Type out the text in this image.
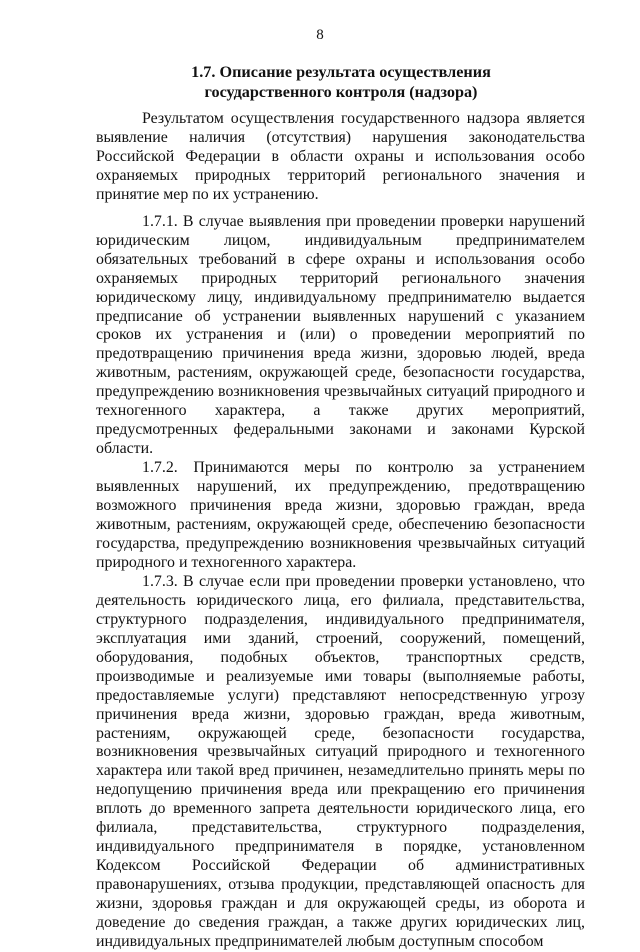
8
1.7. Описание результата осуществления
государственного контроля (надзора)

Результатом осуществления государственного надзора является выявление наличия (отсутствия) нарушения законодательства Российской Федерации в области охраны и использования особо охраняемых природных территорий регионального значения и принятие мер по их устранению.

1.7.1. В случае выявления при проведении проверки нарушений юридическим лицом, индивидуальным предпринимателем обязательных требований в сфере охраны и использования особо охраняемых природных территорий регионального значения юридическому лицу, индивидуальному предпринимателю выдается предписание об устранении выявленных нарушений с указанием сроков их устранения и (или) о проведении мероприятий по предотвращению причинения вреда жизни, здоровью людей, вреда животным, растениям, окружающей среде, безопасности государства, предупреждению возникновения чрезвычайных ситуаций природного и техногенного характера, а также других мероприятий, предусмотренных федеральными законами и законами Курской области.

1.7.2. Принимаются меры по контролю за устранением выявленных нарушений, их предупреждению, предотвращению возможного причинения вреда жизни, здоровью граждан, вреда животным, растениям, окружающей среде, обеспечению безопасности государства, предупреждению возникновения чрезвычайных ситуаций природного и техногенного характера.

1.7.3. В случае если при проведении проверки установлено, что деятельность юридического лица, его филиала, представительства, структурного подразделения, индивидуального предпринимателя, эксплуатация ими зданий, строений, сооружений, помещений, оборудования, подобных объектов, транспортных средств, производимые и реализуемые ими товары (выполняемые работы, предоставляемые услуги) представляют непосредственную угрозу причинения вреда жизни, здоровью граждан, вреда животным, растениям, окружающей среде, безопасности государства, возникновения чрезвычайных ситуаций природного и техногенного характера или такой вред причинен, незамедлительно принять меры по недопущению причинения вреда или прекращению его причинения вплоть до временного запрета деятельности юридического лица, его филиала, представительства, структурного подразделения, индивидуального предпринимателя в порядке, установленном Кодексом Российской Федерации об административных правонарушениях, отзыва продукции, представляющей опасность для жизни, здоровья граждан и для окружающей среды, из оборота и доведение до сведения граждан, а также других юридических лиц, индивидуальных предпринимателей любым доступным способом
